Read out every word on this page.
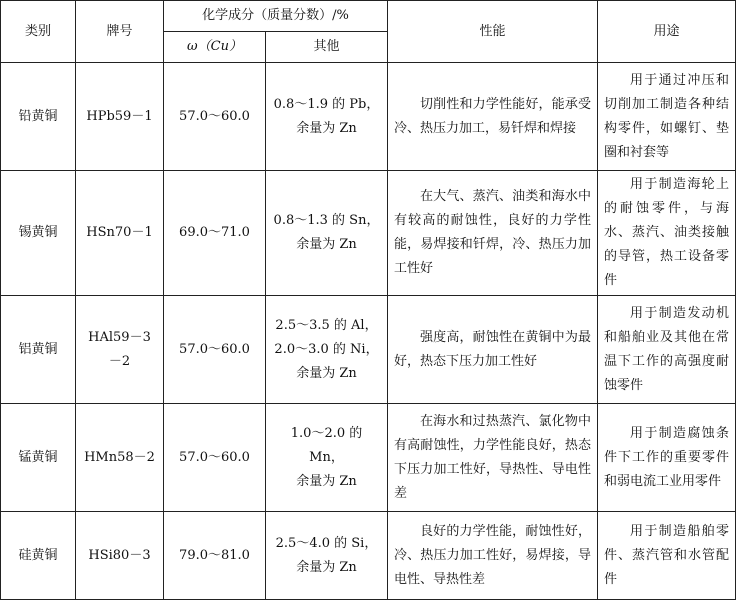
类别	牌号	化学成分（质量分数）/%		性能	用途
		ω（Cu）	其他		
铅黄铜	HPb59－1	57.0～60.0	0.8～1.9 的 Pb，
余量为 Zn	切削性和力学性能好，能承受冷、热压力加工，易钎焊和焊接	用于通过冲压和切削加工制造各种结构零件，如螺钉、垫圈和衬套等
锡黄铜	HSn70－1	69.0～71.0	0.8～1.3 的 Sn，
余量为 Zn	在大气、蒸汽、油类和海水中有较高的耐蚀性，良好的力学性能，易焊接和钎焊，冷、热压力加工性好	用于制造海轮上的耐蚀零件，与海水、蒸汽、油类接触的导管，热工设备零件
铝黄铜	HAl59－3－2	57.0～60.0	2.5～3.5 的 Al，
2.0～3.0 的 Ni，
余量为 Zn	强度高，耐蚀性在黄铜中为最好，热态下压力加工性好	用于制造发动机和船舶业及其他在常温下工作的高强度耐蚀零件
锰黄铜	HMn58－2	57.0～60.0	1.0～2.0 的 Mn，
余量为 Zn	在海水和过热蒸汽、氯化物中有高耐蚀性，力学性能良好，热态下压力加工性好，导热性、导电性差	用于制造腐蚀条件下工作的重要零件和弱电流工业用零件
硅黄铜	HSi80－3	79.0～81.0	2.5～4.0 的 Si，
余量为 Zn	良好的力学性能，耐蚀性好，冷、热压力加工性好，易焊接，导电性、导热性差	用于制造船舶零件、蒸汽管和水管配件
